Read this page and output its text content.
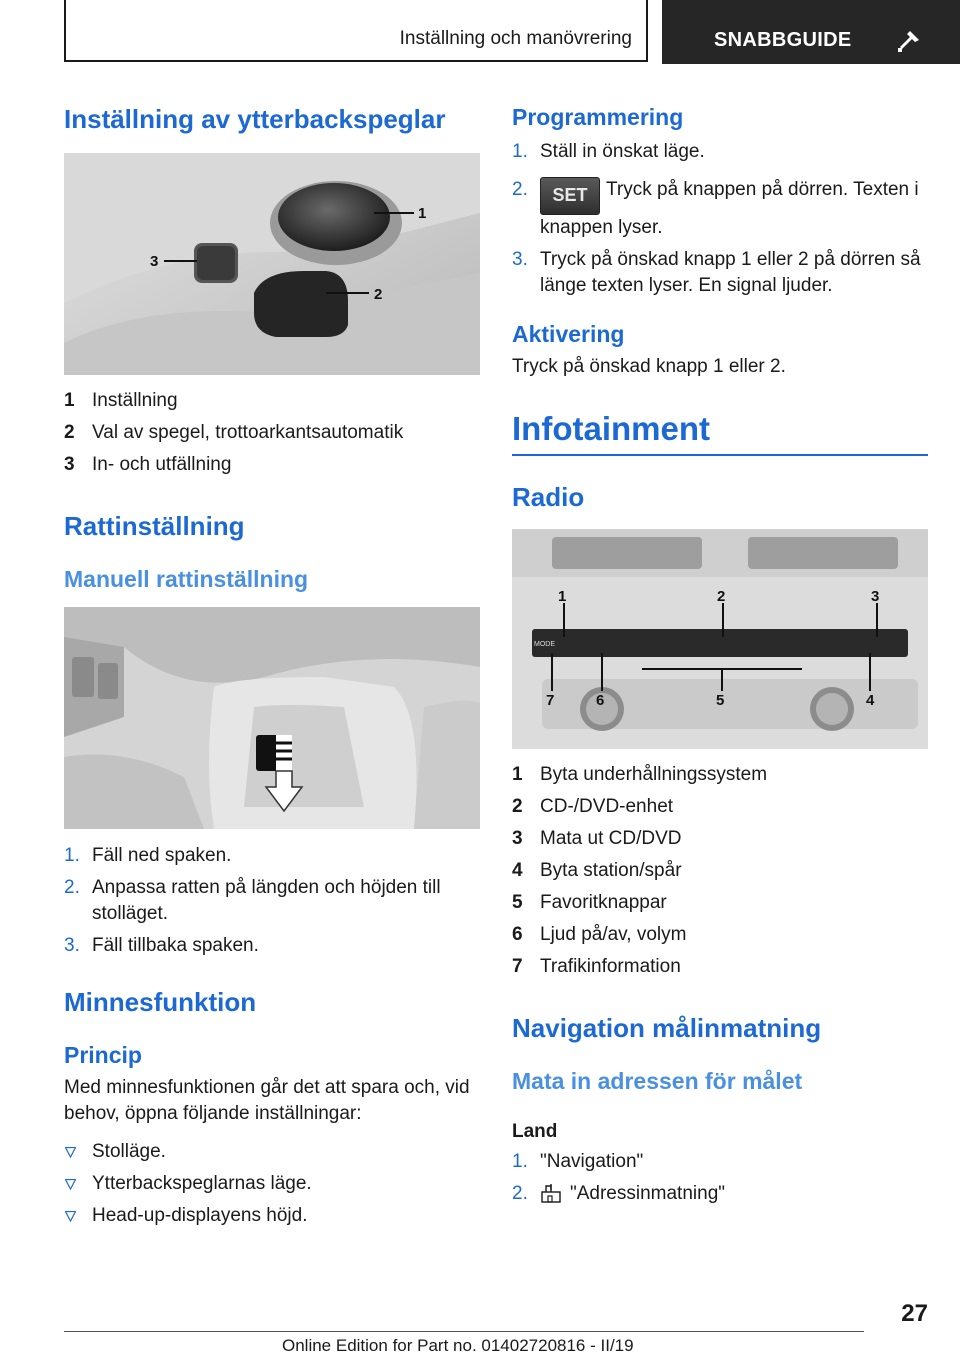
Inställning och manövrering	SNABBGUIDE
Inställning av ytterbackspeglar
1
2
3
1 Inställning
2 Val av spegel, trottoarkantsautomatik
3 In- och utfällning
Rattinställning
Manuell rattinställning
1. Fäll ned spaken.
2. Anpassa ratten på längden och höjden till stolläget.
3. Fäll tillbaka spaken.
Minnesfunktion
Princip

Med minnesfunktionen går det att spara och, vid behov, öppna följande inställningar:

Stolläge.
Ytterbackspeglarnas läge.
Head-up-displayens höjd.
Programmering
1. Ställ in önskat läge.
2. SET Tryck på knappen på dörren. Texten i knappen lyser.
3. Tryck på önskad knapp 1 eller 2 på dörren så länge texten lyser. En signal ljuder.
Aktivering

Tryck på önskad knapp 1 eller 2.

Infotainment
Radio
MODE
1	2	3
4
5
6
7
1 Byta underhållningssystem
2 CD-/DVD-enhet
3 Mata ut CD/DVD
4 Byta station/spår
5 Favoritknappar
6 Ljud på/av, volym
7 Trafikinformation
Navigation målinmatning
Mata in adressen för målet
Land
1. "Navigation"
2. "Adressinmatning"
27
Online Edition for Part no. 01402720816 - II/19
